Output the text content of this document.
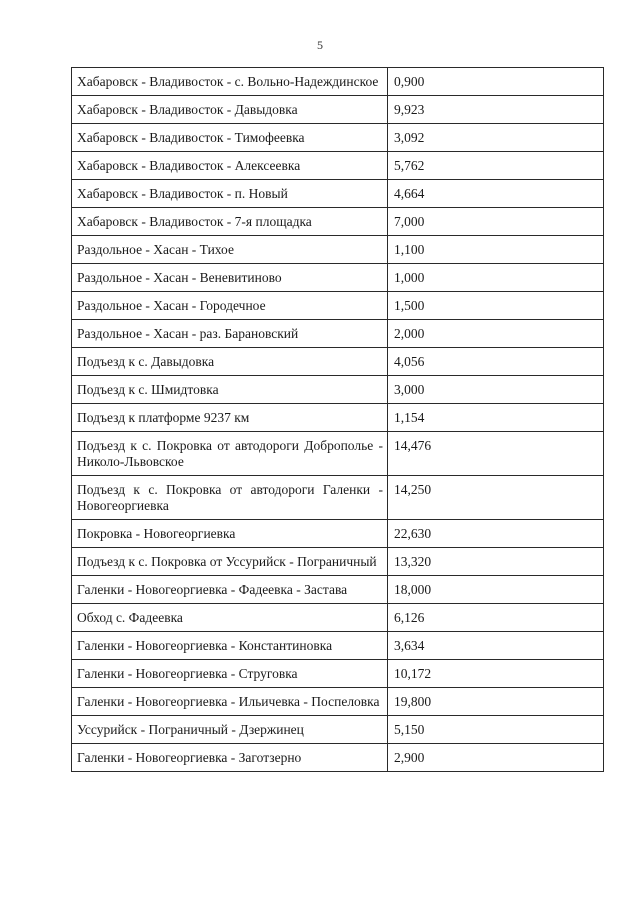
5
Хабаровск - Владивосток - с. Вольно-Надеждинское	0,900
Хабаровск - Владивосток - Давыдовка	9,923
Хабаровск - Владивосток - Тимофеевка	3,092
Хабаровск - Владивосток - Алексеевка	5,762
Хабаровск - Владивосток - п. Новый	4,664
Хабаровск - Владивосток - 7-я площадка	7,000
Раздольное - Хасан - Тихое	1,100
Раздольное - Хасан - Веневитиново	1,000
Раздольное - Хасан - Городечное	1,500
Раздольное - Хасан - раз. Барановский	2,000
Подъезд к с. Давыдовка	4,056
Подъезд к с. Шмидтовка	3,000
Подъезд к платформе 9237 км	1,154
Подъезд к с. Покровка от автодороги Доброполье - Николо-Львовское	14,476
Подъезд к с. Покровка от автодороги Галенки - Новогеоргиевка	14,250
Покровка - Новогеоргиевка	22,630
Подъезд к с. Покровка от Уссурийск - Пограничный	13,320
Галенки - Новогеоргиевка - Фадеевка - Застава	18,000
Обход с. Фадеевка	6,126
Галенки - Новогеоргиевка - Константиновка	3,634
Галенки - Новогеоргиевка - Струговка	10,172
Галенки - Новогеоргиевка - Ильичевка - Поспеловка	19,800
Уссурийск - Пограничный - Дзержинец	5,150
Галенки - Новогеоргиевка - Заготзерно	2,900
